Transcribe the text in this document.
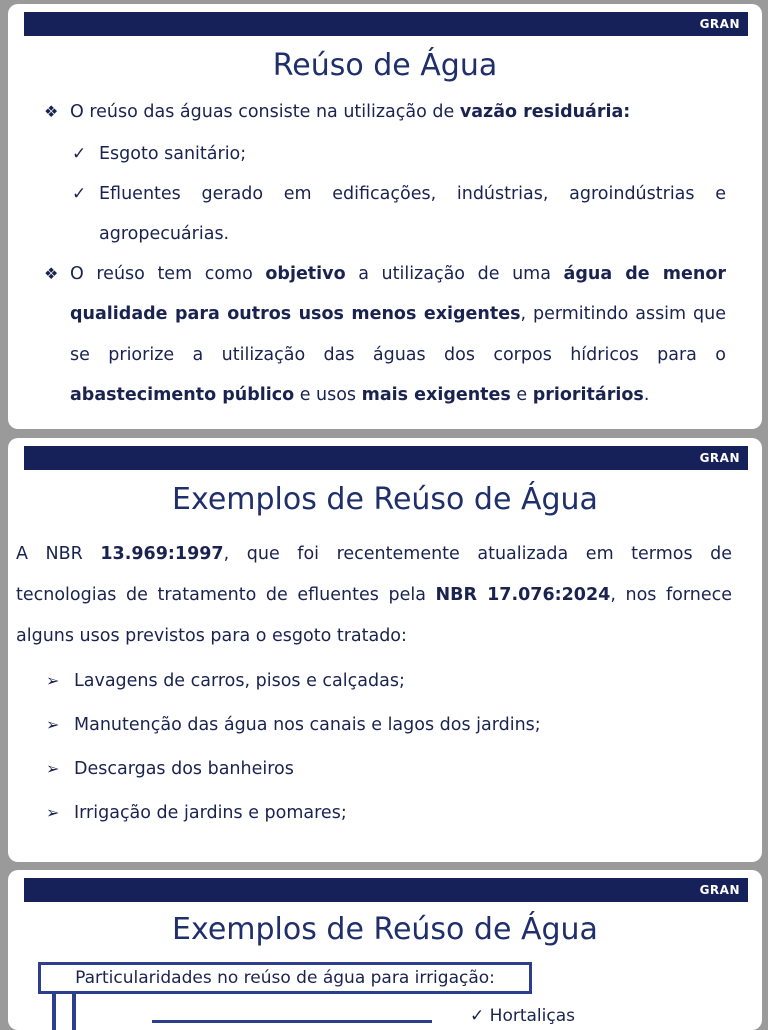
GRAN
Reúso de Água
❖ O reúso das águas consiste na utilização de vazão residuária:
✓ Esgoto sanitário;
✓ Efluentes gerado em edificações, indústrias, agroindústrias e
agropecuárias.
❖ O reúso tem como objetivo a utilização de uma água de menor
qualidade para outros usos menos exigentes, permitindo assim que
se priorize a utilização das águas dos corpos hídricos para o
abastecimento público e usos mais exigentes e prioritários.
GRAN
Exemplos de Reúso de Água
A NBR 13.969:1997, que foi recentemente atualizada em termos de
tecnologias de tratamento de efluentes pela NBR 17.076:2024, nos fornece
alguns usos previstos para o esgoto tratado:
➢ Lavagens de carros, pisos e calçadas;
➢ Manutenção das água nos canais e lagos dos jardins;
➢ Descargas dos banheiros
➢ Irrigação de jardins e pomares;
GRAN
Exemplos de Reúso de Água
Particularidades no reúso de água para irrigação:
✓ Hortaliças
